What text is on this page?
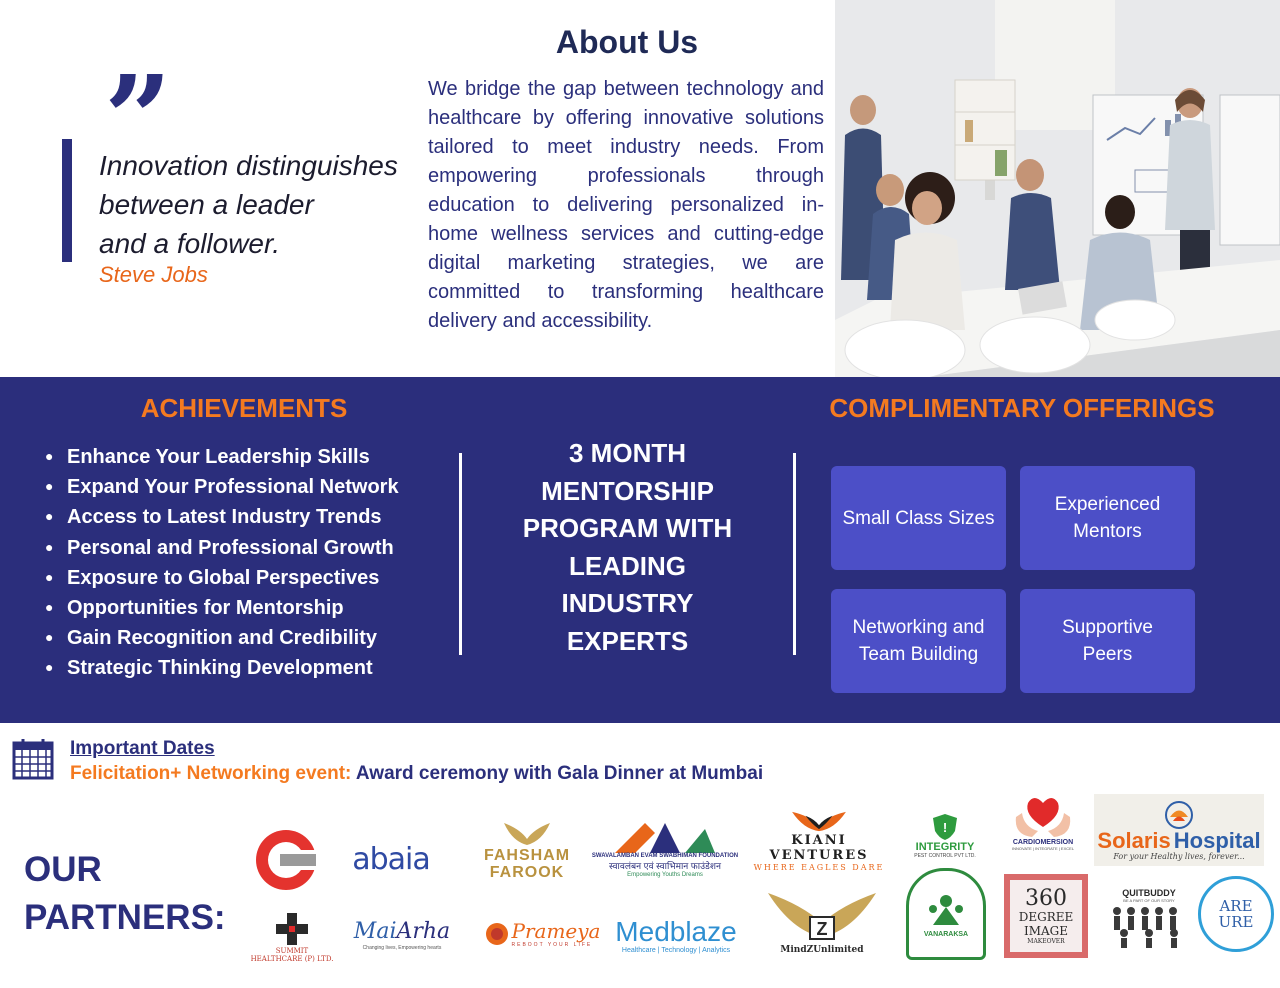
”
Innovation distinguishes
between a leader
and a follower.
Steve Jobs
About Us
We bridge the gap between technology and healthcare by offering innovative solutions tailored to meet industry needs. From empowering professionals through education to delivering personalized in-home wellness services and cutting-edge digital marketing strategies, we are committed to transforming healthcare delivery and accessibility.
ACHIEVEMENTS
● Enhance Your Leadership Skills
● Expand Your Professional Network
● Access to Latest Industry Trends
● Personal and Professional Growth
● Exposure to Global Perspectives
● Opportunities for Mentorship
● Gain Recognition and Credibility
● Strategic Thinking Development
3 MONTH
MENTORSHIP
PROGRAM WITH
LEADING
INDUSTRY
EXPERTS
COMPLIMENTARY OFFERINGS
Small Class Sizes
Experienced
Mentors
Networking and
Team Building
Supportive
Peers
Important Dates
Felicitation+ Networking event: Award ceremony with Gala Dinner at Mumbai
OUR
PARTNERS:
abaia	FAHSHAM
FAROOK
SWAVALAMBAN EVAM SWABHIMAN FOUNDATION
स्वावलंबन एवं स्वाभिमान फाउंडेशन
Empowering Youths Dreams
KIANI VENTURES
WHERE EAGLES DARE
!
INTEGRITY
PEST CONTROL PVT LTD.
CARDIOMERSION
INNOVATE | INTEGRATE | EXCEL Solaris Hospital
For your Healthy lives, forever...
SUMMIT
HEALTHCARE (P) LTD.
MaiArha
Changing lives, Empowering hearts
Prameya
REBOOT YOUR LIFE Medblaze
Healthcare | Technology | Analytics
Z
MindZUnlimited
VANARAKSA
360
DEGREE
IMAGE
MAKEOVER
QUITBUDDY
BE A PART OF OUR STORY	ARE
URE
